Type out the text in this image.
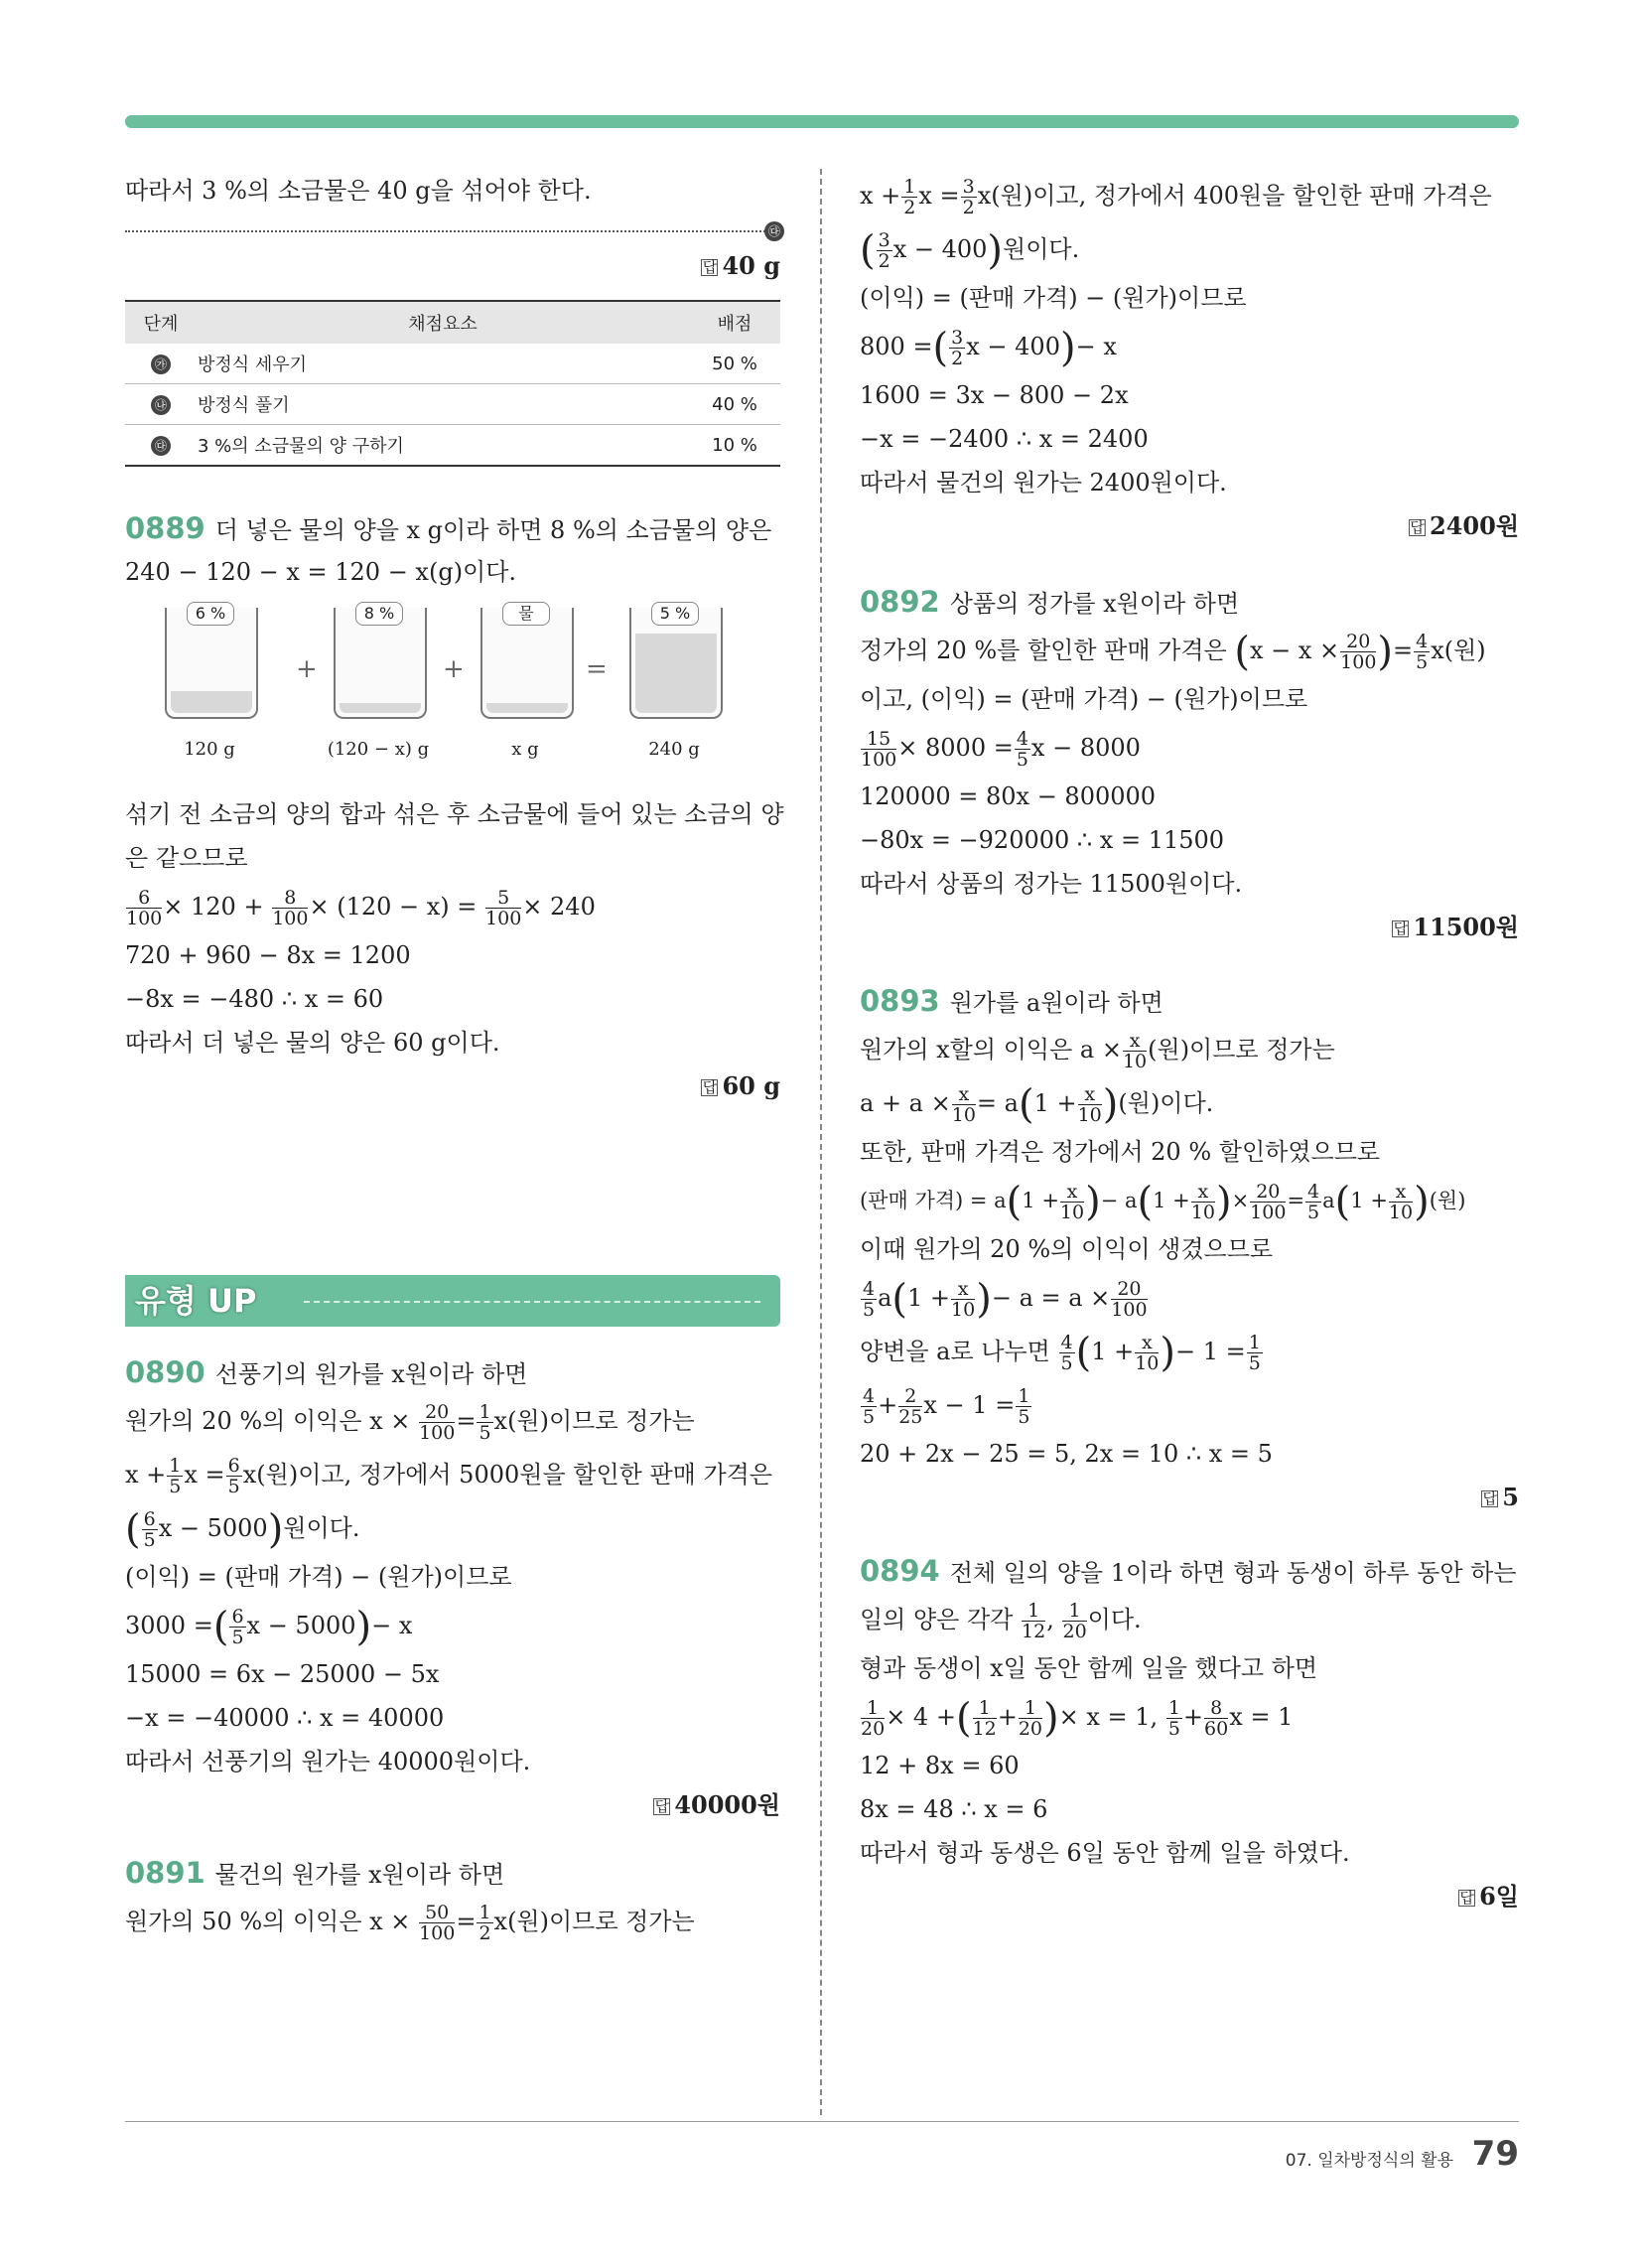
따라서 3 %의 소금물은 40 g을 섞어야 한다.
㉰
답 40 g
단계	채점요소	배점
㉮	방정식 세우기	50 %
㉯	방정식 풀기	40 %
㉰	3 %의 소금물의 양 구하기	10 %
0889 더 넣은 물의 양을 x g이라 하면 8 %의 소금물의 양은
240 − 120 − x = 120 − x(g)이다.
6 %
120 g
+
8 %
(120 − x) g
+
물
x g
=
5 %
240 g
섞기 전 소금의 양의 합과 섞은 후 소금물에 들어 있는 소금의 양
은 같으므로
$\frac{6}{100} \times 120 + \frac{8}{100} \times (120 - x) = \frac{5}{100} \times 240$
720 + 960 − 8x = 1200
−8x = −480 ∴ x = 60
따라서 더 넣은 물의 양은 60 g이다.
답 60 g
유형 UP
0890 선풍기의 원가를 x원이라 하면
원가의 20 %의 이익은 $x \times \frac{20}{100} = \frac{1}{5} x$(원)이므로 정가는
$x + \frac{1}{5}$ $x = \frac{6}{5} x$(원)이고, 정가에서 5000원을 할인한 판매 가격은
( $\frac{6}{5}$ x − 5000)원이다.
(이익) = (판매 가격) − (원가)이므로
3000 =( $\frac{6}{5}$ x − 5000)− x
15000 = 6x − 25000 − 5x
−x = −40000 ∴ x = 40000
따라서 선풍기의 원가는 40000원이다.
답 40000원
0891 물건의 원가를 x원이라 하면
원가의 50 %의 이익은 $x \times \frac{50}{100} = \frac{1}{2} x$(원)이므로 정가는
$x + \frac{1}{2}$ $x = \frac{3}{2} x$(원)이고, 정가에서 400원을 할인한 판매 가격은
( $\frac{3}{2}$ x − 400)원이다.
(이익) = (판매 가격) − (원가)이므로
800 =( $\frac{3}{2}$ x − 400)− x
1600 = 3x − 800 − 2x
−x = −2400 ∴ x = 2400
따라서 물건의 원가는 2400원이다.
답 2400원
0892 상품의 정가를 x원이라 하면
정가의 20 %를 할인한 판매 가격은 ($x - x \times \frac{20}{100}$ )= $\frac{4}{5} x$(원)
이고, (이익) = (판매 가격) − (원가)이므로
$\frac{15}{100} \times 8000 = \frac{4}{5}$ x − 8000
120000 = 80x − 800000
−80x = −920000 ∴ x = 11500
따라서 상품의 정가는 11500원이다.
답 11500원
0893 원가를 a원이라 하면
원가의 x할의 이익은 $a \times \frac{x}{10}$ (원)이므로 정가는
$a + a \times \frac{x}{10} = a(1 + \frac{x}{10}$ )(원)이다.
또한, 판매 가격은 정가에서 20 % 할인하였으므로
(판매 가격) = $a(1 + \frac{x}{10}$ )− $a(1 + \frac{x}{10}$ )× $\frac{20}{100} = \frac{4}{5} a(1 + \frac{x}{10}$ )(원)
이때 원가의 20 %의 이익이 생겼으므로
$\frac{4}{5} a(1 + \frac{x}{10}$ )− $a = a \times \frac{20}{100}$
양변을 a로 나누면 $\frac{4}{5} (1 + \frac{x}{10}$ )− $1 = \frac{1}{5}$
$\frac{4}{5} + \frac{2}{25}$ $x - 1 = \frac{1}{5}$
20 + 2x − 25 = 5, 2x = 10 ∴ x = 5
답 5
0894 전체 일의 양을 1이라 하면 형과 동생이 하루 동안 하는
일의 양은 각각 $\frac{1}{12}$ , $\frac{1}{20}$ 이다.
형과 동생이 x일 동안 함께 일을 했다고 하면
$\frac{1}{20} \times 4$ +( $\frac{1}{12} + \frac{1}{20}$ )× x = 1, $\frac{1}{5} + \frac{8}{60}$ x = 1
12 + 8x = 60
8x = 48 ∴ x = 6
따라서 형과 동생은 6일 동안 함께 일을 하였다.
답 6일
07. 일차방정식의 활용 79
